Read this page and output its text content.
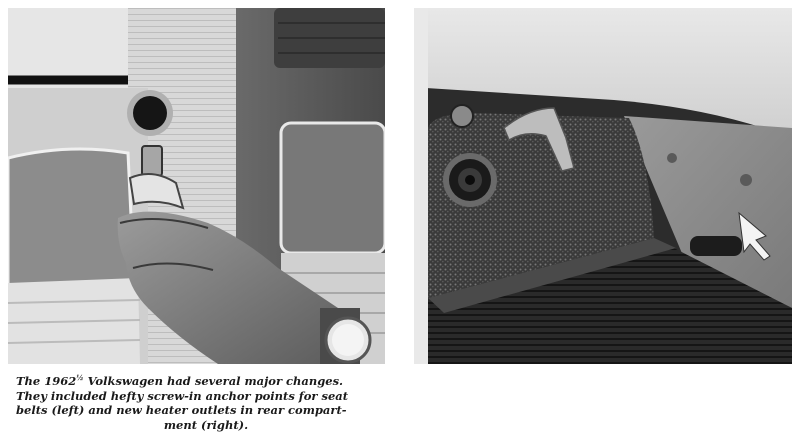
The $1962^{\frac{1}{2}}$ Volkswagen had several major changes.
They included hefty screw-in anchor points for seat
belts (left) and new heater outlets in rear compart-
ment (right).
